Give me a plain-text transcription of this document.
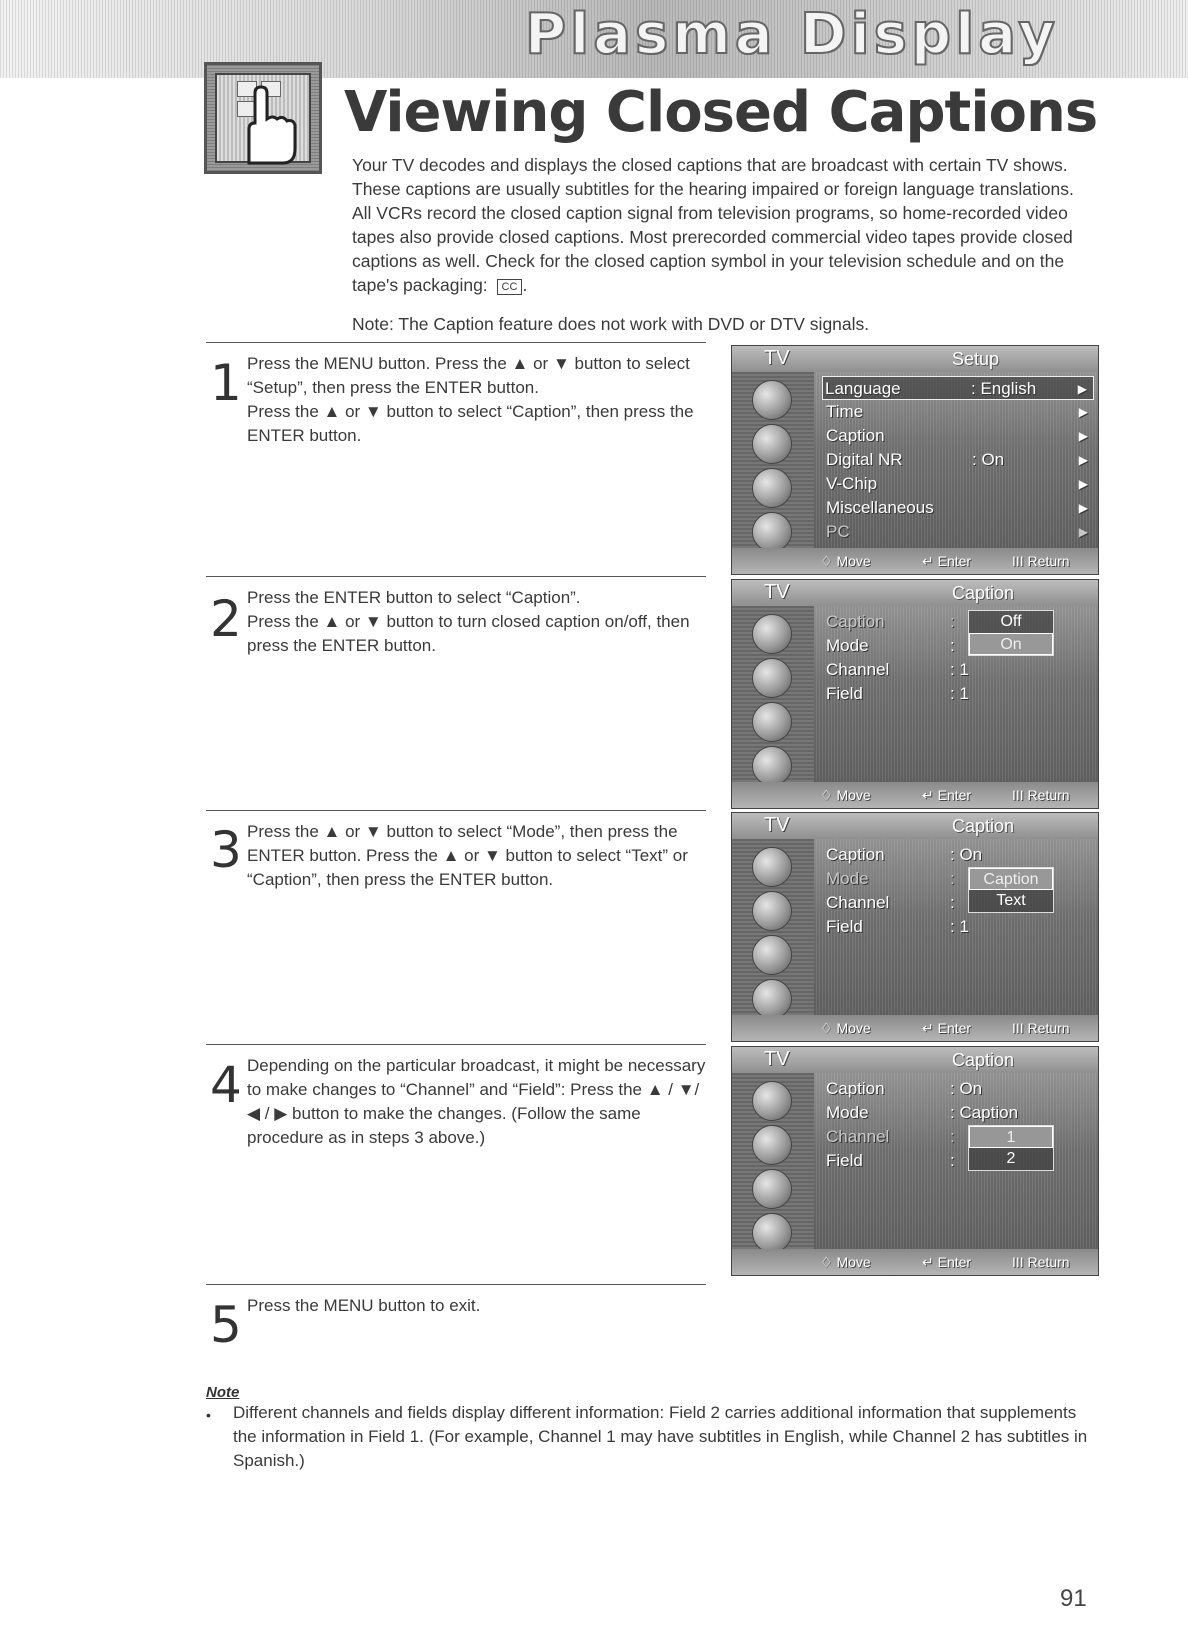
Plasma Display
Viewing Closed Captions
Your TV decodes and displays the closed captions that are broadcast with certain TV shows. These captions are usually subtitles for the hearing impaired or foreign language translations. All VCRs record the closed caption signal from television programs, so home-recorded video tapes also provide closed captions. Most prerecorded commercial video tapes provide closed captions as well. Check for the closed caption symbol in your television schedule and on the tape's packaging: CC .
Note: The Caption feature does not work with DVD or DTV signals.
1 Press the MENU button. Press the ▲ or ▼ button to select “Setup”, then press the ENTER button.

Press the ▲ or ▼ button to select “Caption”, then press the ENTER button.

TV	Setup
Language	: English	▶
Time	▶
Caption	▶
Digital NR	: On	▶
V-Chip	▶
Miscellaneous	▶
PC	▶
♢ Move	↵ Enter	III Return
2 Press the ENTER button to select “Caption”.

Press the ▲ or ▼ button to turn closed caption on/off, then press the ENTER button.

TV	Caption
Caption	:
Mode	:
Channel	: 1
Field	: 1
Off
On
♢ Move	↵ Enter	III Return
3 Press the ▲ or ▼ button to select “Mode”, then press the ENTER button. Press the ▲ or ▼ button to select “Text” or “Caption”, then press the ENTER button.

TV	Caption
Caption	: On
Mode	:
Channel	:
Field	: 1
Caption
Text
♢ Move	↵ Enter	III Return
4 Depending on the particular broadcast, it might be necessary to make changes to “Channel” and “Field”: Press the ▲ / ▼/ ◀ / ▶ button to make the changes. (Follow the same procedure as in steps 3 above.)

TV	Caption
Caption	: On
Mode	: Caption
Channel	:
Field	:
1
2
♢ Move	↵ Enter	III Return
5 Press the MENU button to exit.

Note
• Different channels and fields display different information: Field 2 carries additional information that supplements the information in Field 1. (For example, Channel 1 may have subtitles in English, while Channel 2 has subtitles in Spanish.)
91
